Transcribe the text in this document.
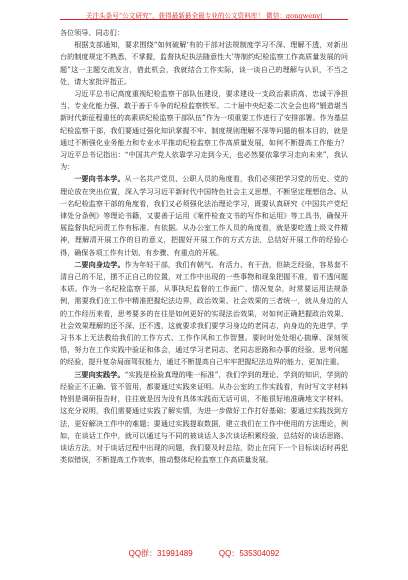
关注头条号“公文研究”，获得最新最全最专业的公文资料库！ 微信：gongwenyj

各位领导、同志们：

根据支部通知，要求围绕“如何破解‘有的干部对法规制度学习不深、理解不透，对新出台的制度规定不熟悉、不掌握，监督执纪执法随意性大’等制约纪检监察工作高质量发展的问题”这一主题交流发言，借此机会，我就结合工作实际，谈一谈自己的理解与认识，不当之处，请大家批评指正。

习近平总书记高度重视纪检监察干部队伍建设，要求建设一支政治素质高、忠诚干净担当、专业化能力强、敢于善于斗争的纪检监察铁军。二十届中央纪委二次全会也将“锻造堪当新时代新征程重任的高素质纪检监察干部队伍”作为一项重要工作进行了安排部署。作为基层纪检监察干部，我们要通过强化知识掌握不牢、制度规则理解不深等问题的根本目的，就是通过不断强化业务能力和专业水平推动纪检监察工作高质量发展，如何不断提高工作能力？习近平总书记指出：“中国共产党人依靠学习走到今天，也必然要依靠学习走向未来”，我认为：

一要向书本学。从一名共产党员、公职人员的角度看，我们必须把学习党的历史、党的理论放在突出位置，深入学习习近平新时代中国特色社会主义思想，不断坚定理想信念。从一名纪检监察干部的角度看，我们又必须强化法治理论学习，既要认真研究《中国共产党纪律处分条例》等理论书籍，又要善于运用《案件检查文书的写作和运用》等工具书，确保开展监督执纪问责工作有标准、有依据。从办公室工作人员的角度看，就是要吃透上级文件精神，理解清开展工作的目的意义，把握好开展工作的方式方法，总结好开展工作的经验心得，确保各项工作有计划、有步骤、有重点的开展。

二要向身边学。作为年轻干部，我们有朝气、有活力、有干劲，但缺乏经验，容易套不清自己的不足，摆不正自己的位置，对工作中出现的一些事物和现象把握不准，看不透问题本质。作为一名纪检监察干部，从事执纪监督的工作面广、情况复杂，时常要运用法规条例，需要我们在工作中精准把握纪法边界，政治效果、社会效果的三者统一，就从身边的人的工作经历来看，思考要多的在往是如何更好的实现法治效果，对如何正确把握政治效果、社会效果理解的还不深、还不透，这就要求我们要学习身边的老同志，向身边的先进学，学习书本上无法教给我们的工作方式、工作作风和工作智慧。要时时处处细心揣摩、深刻领悟，努力在工作实践中验证和体会，通过学习老同志、老同志思路和办事的经验、思考问题的经验，提升复杂局面驾驭能力，通过不断提高自己牢牢把握纪法边界的能力，更加注重。

三要向实践学。“实践是检验真理的唯一标准”，我们学到的理论、学到的知识，学到的经验正不正确、管不管用，都要通过实践来证明。从办公室的工作实践看，有时写文字材料特别是调研报告时，往往就是因为没有具体实践而无话可说，不能很好地准确地文字材料。这充分说明，我们需要通过实践了解实情，为进一步做好工作打好基础；要通过实践找到方法，更好解决工作中的难题；要通过实践提取数据，建立我们在工作中使用的方法理论，例如，在谈话工作中，就可以通过与不同的被谈话人多次谈话积累经验，总结好的谈话思路、谈话方法，对于谈话过程中出现的问题，我们要及时总结，防止在同下一个目标谈话时再犯类似错误，不断提高工作效率，推动整体纪检监察工作高质量发展。

QQ群：31991489	QQ：535304092
